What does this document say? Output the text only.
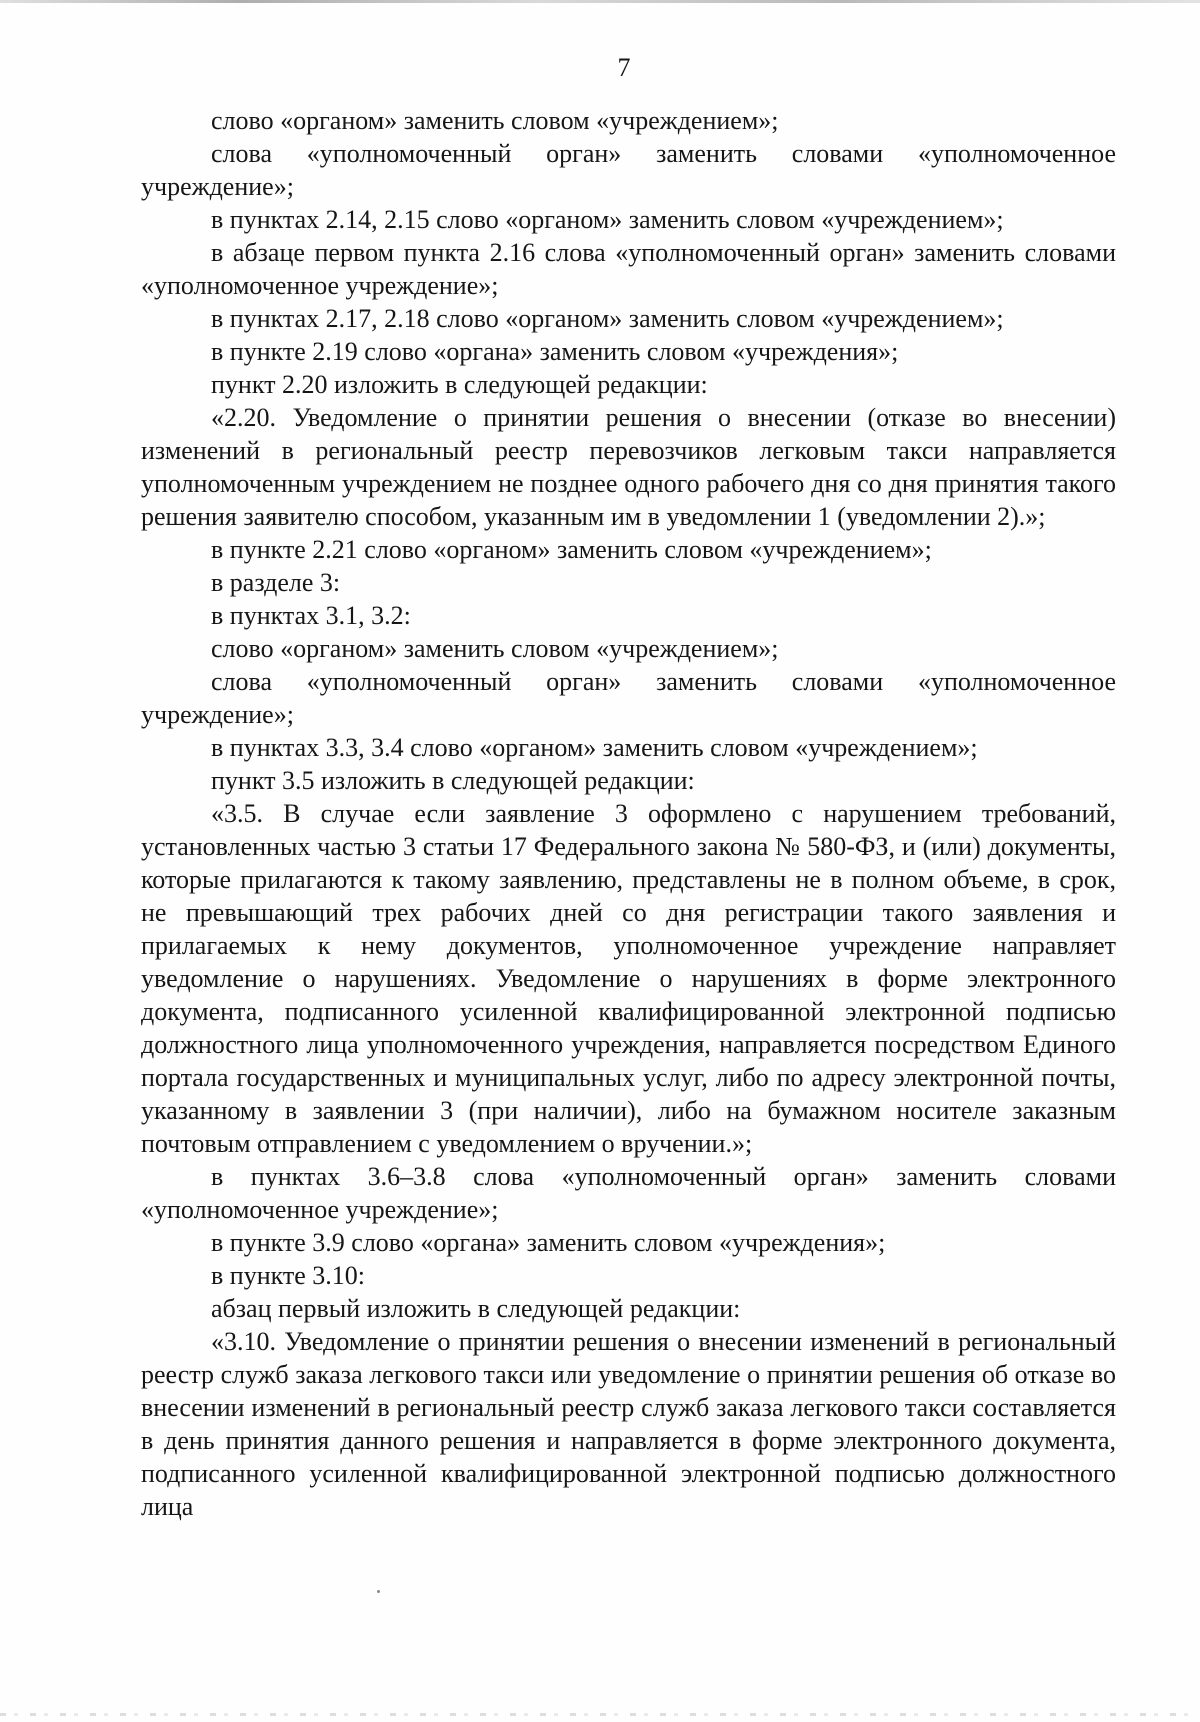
7

слово «органом» заменить словом «учреждением»;

слова «уполномоченный орган» заменить словами «уполномоченное учреждение»;

в пунктах 2.14, 2.15 слово «органом» заменить словом «учреждением»;

в абзаце первом пункта 2.16 слова «уполномоченный орган» заменить словами «уполномоченное учреждение»;

в пунктах 2.17, 2.18 слово «органом» заменить словом «учреждением»;

в пункте 2.19 слово «органа» заменить словом «учреждения»;

пункт 2.20 изложить в следующей редакции:

«2.20. Уведомление о принятии решения о внесении (отказе во внесении) изменений в региональный реестр перевозчиков легковым такси направляется уполномоченным учреждением не позднее одного рабочего дня со дня принятия такого решения заявителю способом, указанным им в уведомлении 1 (уведомлении 2).»;

в пункте 2.21 слово «органом» заменить словом «учреждением»;

в разделе 3:

в пунктах 3.1, 3.2:

слово «органом» заменить словом «учреждением»;

слова «уполномоченный орган» заменить словами «уполномоченное учреждение»;

в пунктах 3.3, 3.4 слово «органом» заменить словом «учреждением»;

пункт 3.5 изложить в следующей редакции:

«3.5. В случае если заявление 3 оформлено с нарушением требований, установленных частью 3 статьи 17 Федерального закона № 580-ФЗ, и (или) документы, которые прилагаются к такому заявлению, представлены не в полном объеме, в срок, не превышающий трех рабочих дней со дня регистрации такого заявления и прилагаемых к нему документов, уполномоченное учреждение направляет уведомление о нарушениях. Уведомление о нарушениях в форме электронного документа, подписанного усиленной квалифицированной электронной подписью должностного лица уполномоченного учреждения, направляется посредством Единого портала государственных и муниципальных услуг, либо по адресу электронной почты, указанному в заявлении 3 (при наличии), либо на бумажном носителе заказным почтовым отправлением с уведомлением о вручении.»;

в пунктах 3.6–3.8 слова «уполномоченный орган» заменить словами «уполномоченное учреждение»;

в пункте 3.9 слово «органа» заменить словом «учреждения»;

в пункте 3.10:

абзац первый изложить в следующей редакции:

«3.10. Уведомление о принятии решения о внесении изменений в региональный реестр служб заказа легкового такси или уведомление о принятии решения об отказе во внесении изменений в региональный реестр служб заказа легкового такси составляется в день принятия данного решения и направляется в форме электронного документа, подписанного усиленной квалифицированной электронной подписью должностного лица
